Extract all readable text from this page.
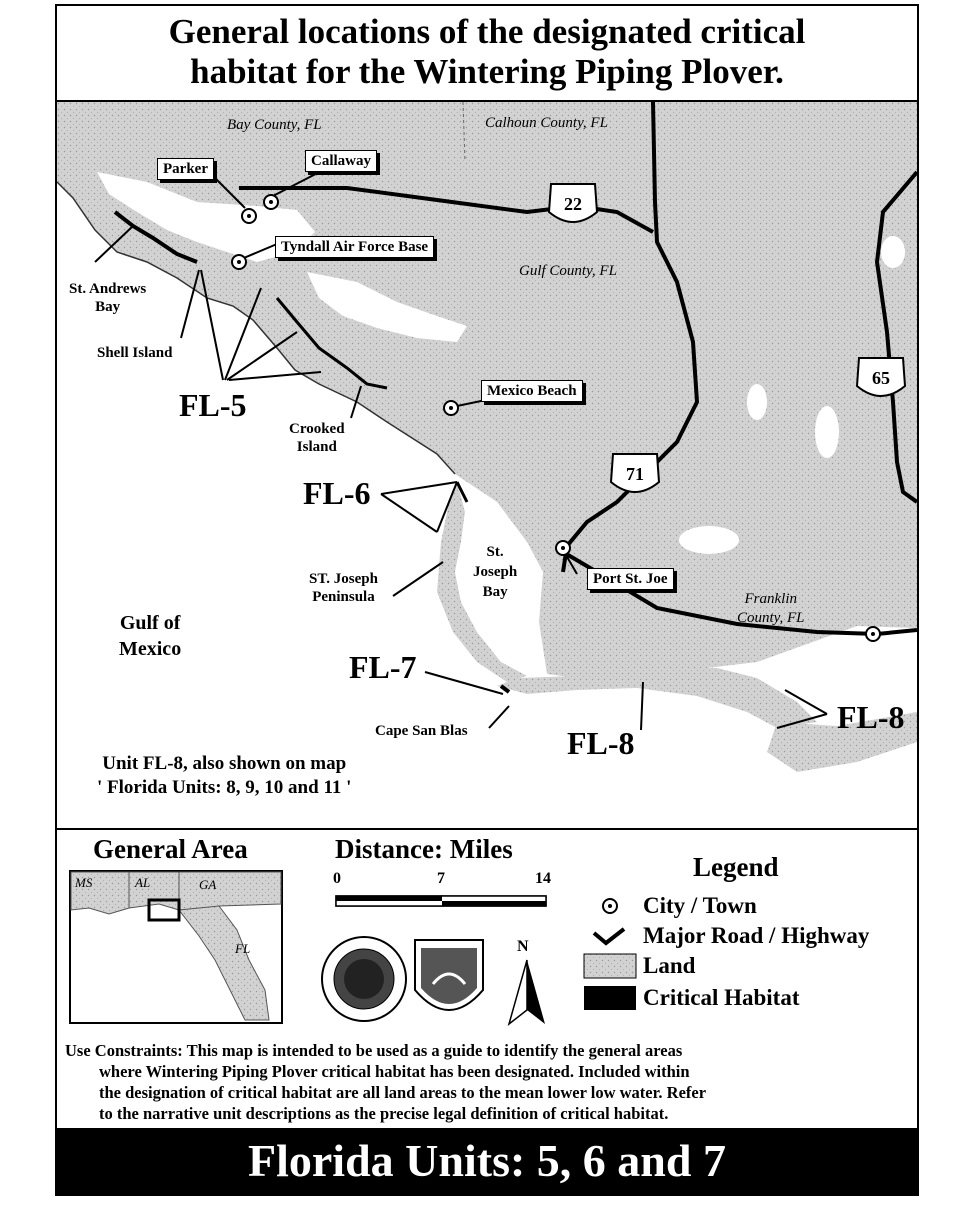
General locations of the designated critical
habitat for the Wintering Piping Plover.
Bay County, FL	Calhoun County, FL
Gulf County, FL
Franklin
County, FL
Parker	Callaway
Tyndall Air Force Base
Mexico Beach
Port St. Joe
St. Andrews
Bay
Shell Island
Crooked
Island
ST. Joseph
Peninsula
St.
Joseph
Bay
Gulf of
Mexico
Cape San Blas
FL-5
FL-6
FL-7
FL-8
FL-8
22
71
65
Unit FL-8, also shown on map
' Florida Units: 8, 9, 10 and 11 '
General Area
MS	AL	GA
FL
Distance: Miles
0	7	14
N
Legend
City / Town
Major Road / Highway
Land
Critical Habitat
Use Constraints: This map is intended to be used as a guide to identify the general areas
where Wintering Piping Plover critical habitat has been designated. Included within
the designation of critical habitat are all land areas to the mean lower low water. Refer
to the narrative unit descriptions as the precise legal definition of critical habitat.
Florida Units: 5, 6 and 7
